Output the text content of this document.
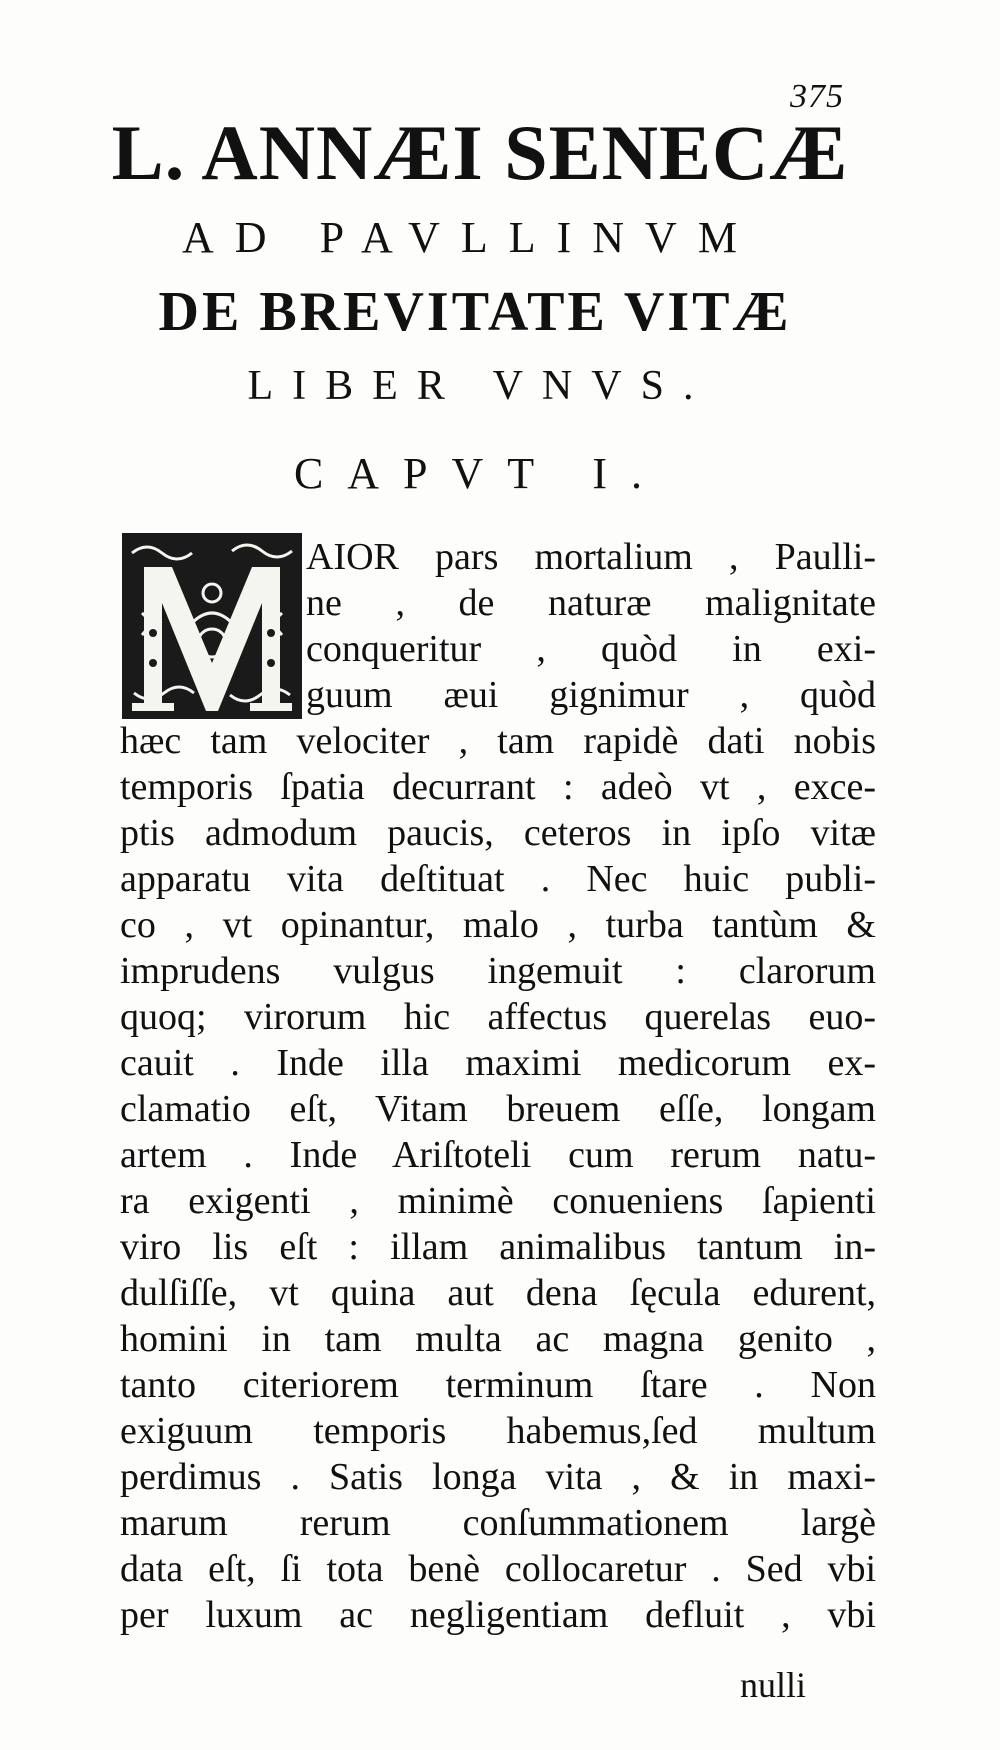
375
L. ANNÆI SENECÆ
AD PAVLLINVM
DE BREVITATE VITÆ
LIBER VNVS.
CAPVT I.
AIOR pars mortalium , Paulli-
ne , de naturæ malignitate
conqueritur , quòd in exi-
guum æui gignimur , quòd
hæc tam velociter , tam rapidè dati nobis
temporis ſpatia decurrant : adeò vt , exce-
ptis admodum paucis, ceteros in ipſo vitæ
apparatu vita deſtituat . Nec huic publi-
co , vt opinantur, malo , turba tantùm &
imprudens vulgus ingemuit : clarorum
quoq; virorum hic affectus querelas euo-
cauit . Inde illa maximi medicorum ex-
clamatio eſt, Vitam breuem eſſe, longam
artem . Inde Ariſtoteli cum rerum natu-
ra exigenti , minimè conueniens ſapienti
viro lis eſt : illam animalibus tantum in-
dulſiſſe, vt quina aut dena ſęcula edurent,
homini in tam multa ac magna genito ,
tanto citeriorem terminum ſtare . Non
exiguum temporis habemus,ſed multum
perdimus . Satis longa vita , & in maxi-
marum rerum conſummationem largè
data eſt, ſi tota benè collocaretur . Sed vbi
per luxum ac negligentiam defluit , vbi
nulli
